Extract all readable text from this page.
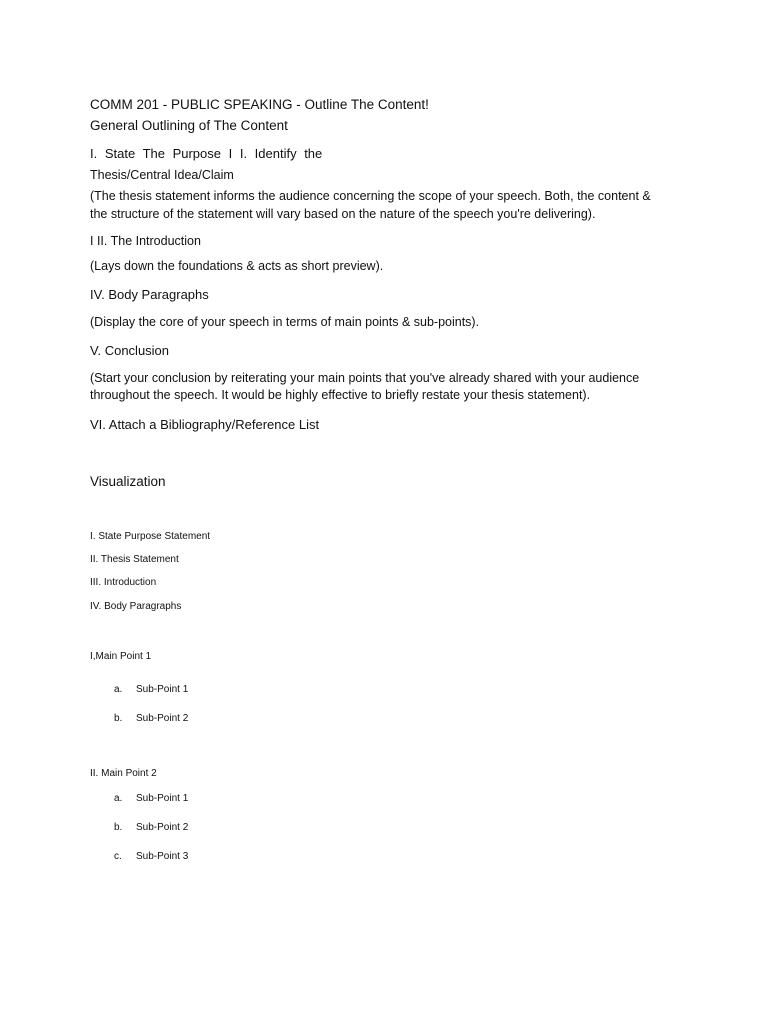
COMM 201 - PUBLIC SPEAKING - Outline The Content!
General Outlining of The Content
I. State The Purpose I I. Identify the
Thesis/Central Idea/Claim
(The thesis statement informs the audience concerning the scope of your speech. Both, the content &
the structure of the statement will vary based on the nature of the speech you're delivering).
I II. The Introduction
(Lays down the foundations & acts as short preview).
IV. Body Paragraphs
(Display the core of your speech in terms of main points & sub-points).
V. Conclusion
(Start your conclusion by reiterating your main points that you've already shared with your audience
throughout the speech. It would be highly effective to briefly restate your thesis statement).
VI. Attach a Bibliography/Reference List
Visualization
I. State Purpose Statement
II. Thesis Statement
III. Introduction
IV. Body Paragraphs
I,Main Point 1
a. Sub-Point 1
b. Sub-Point 2
II. Main Point 2
a. Sub-Point 1
b. Sub-Point 2
c. Sub-Point 3
